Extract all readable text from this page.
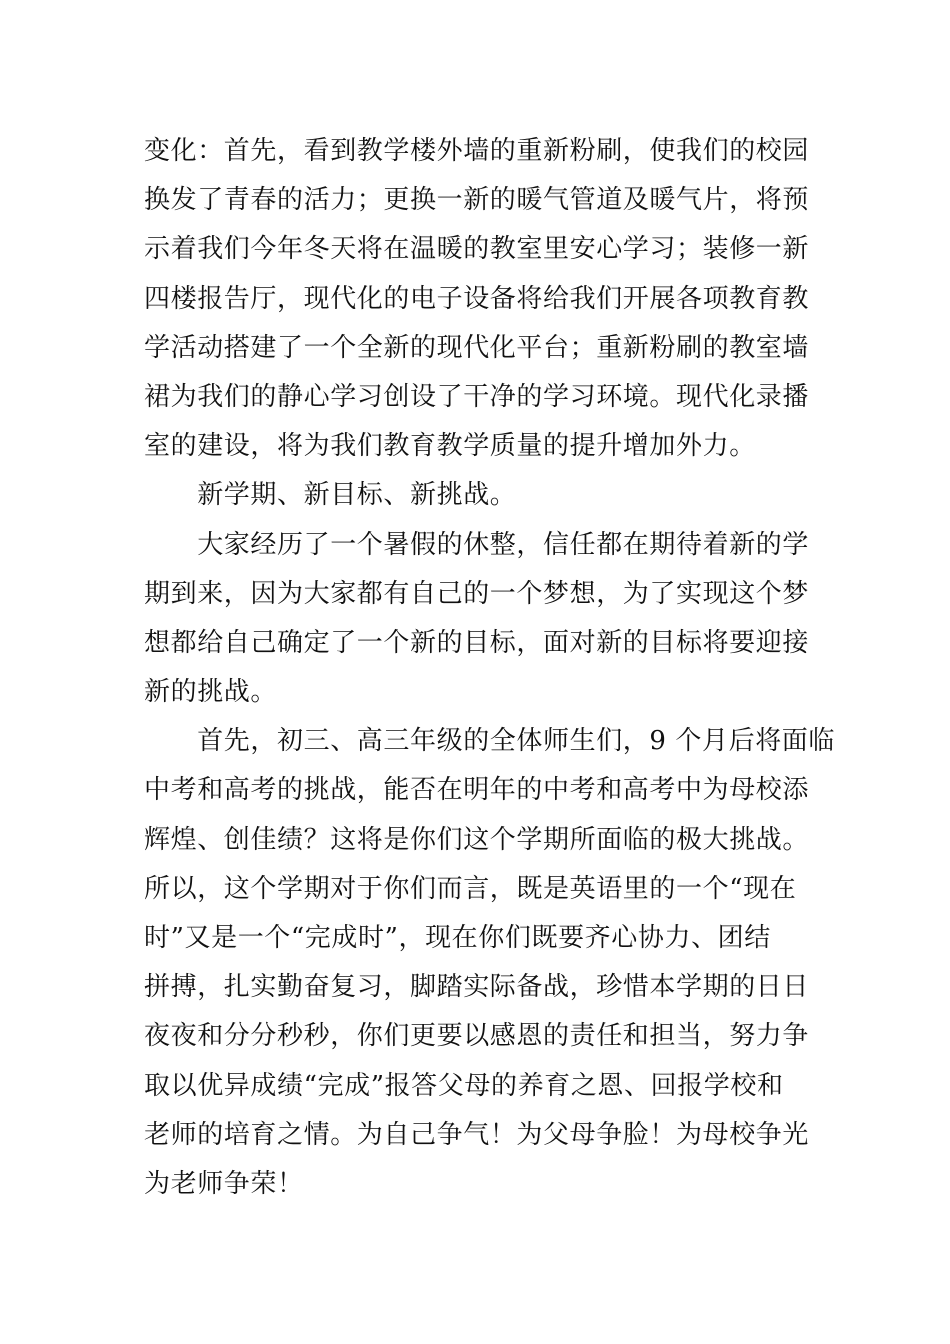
变化：首先，看到教学楼外墙的重新粉刷，使我们的校园
换发了青春的活力；更换一新的暖气管道及暖气片，将预
示着我们今年冬天将在温暖的教室里安心学习；装修一新
四楼报告厅，现代化的电子设备将给我们开展各项教育教
学活动搭建了一个全新的现代化平台；重新粉刷的教室墙
裙为我们的静心学习创设了干净的学习环境。现代化录播
室的建设，将为我们教育教学质量的提升增加外力。
　　新学期、新目标、新挑战。
　　大家经历了一个暑假的休整，信任都在期待着新的学
期到来，因为大家都有自己的一个梦想，为了实现这个梦
想都给自己确定了一个新的目标，面对新的目标将要迎接
新的挑战。
　　首先，初三、高三年级的全体师生们，9 个月后将面临
中考和高考的挑战，能否在明年的中考和高考中为母校添
辉煌、创佳绩？这将是你们这个学期所面临的极大挑战。
所以，这个学期对于你们而言，既是英语里的一个“现在
时”又是一个“完成时”，现在你们既要齐心协力、团结
拼搏，扎实勤奋复习，脚踏实际备战，珍惜本学期的日日
夜夜和分分秒秒，你们更要以感恩的责任和担当，努力争
取以优异成绩“完成”报答父母的养育之恩、回报学校和
老师的培育之情。为自己争气！为父母争脸！为母校争光
为老师争荣！
